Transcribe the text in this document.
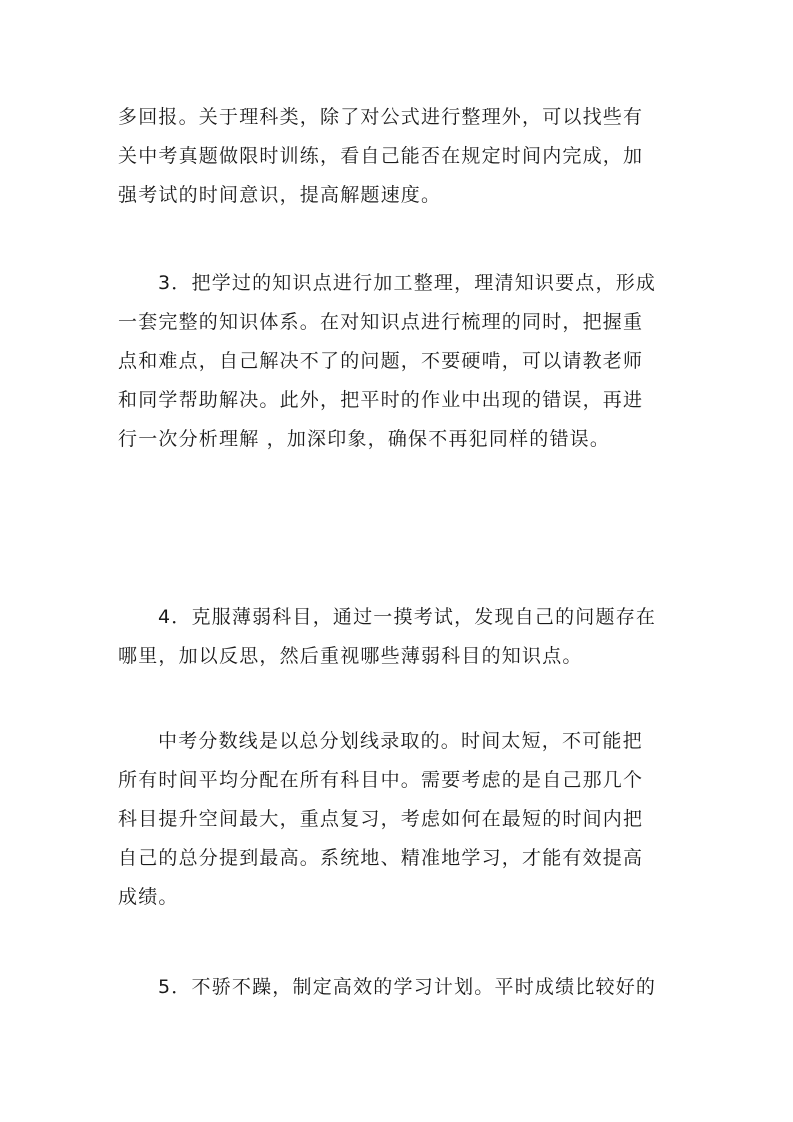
多回报。关于理科类，除了对公式进行整理外，可以找些有
关中考真题做限时训练，看自己能否在规定时间内完成，加
强考试的时间意识，提高解题速度。
3．把学过的知识点进行加工整理，理清知识要点，形成
一套完整的知识体系。在对知识点进行梳理的同时，把握重
点和难点，自己解决不了的问题，不要硬啃，可以请教老师
和同学帮助解决。此外，把平时的作业中出现的错误，再进
行一次分析理解 ，加深印象，确保不再犯同样的错误。
4．克服薄弱科目，通过一摸考试，发现自己的问题存在
哪里，加以反思，然后重视哪些薄弱科目的知识点。
中考分数线是以总分划线录取的。时间太短，不可能把
所有时间平均分配在所有科目中。需要考虑的是自己那几个
科目提升空间最大，重点复习，考虑如何在最短的时间内把
自己的总分提到最高。系统地、精准地学习，才能有效提高
成绩。
5．不骄不躁，制定高效的学习计划。平时成绩比较好的
